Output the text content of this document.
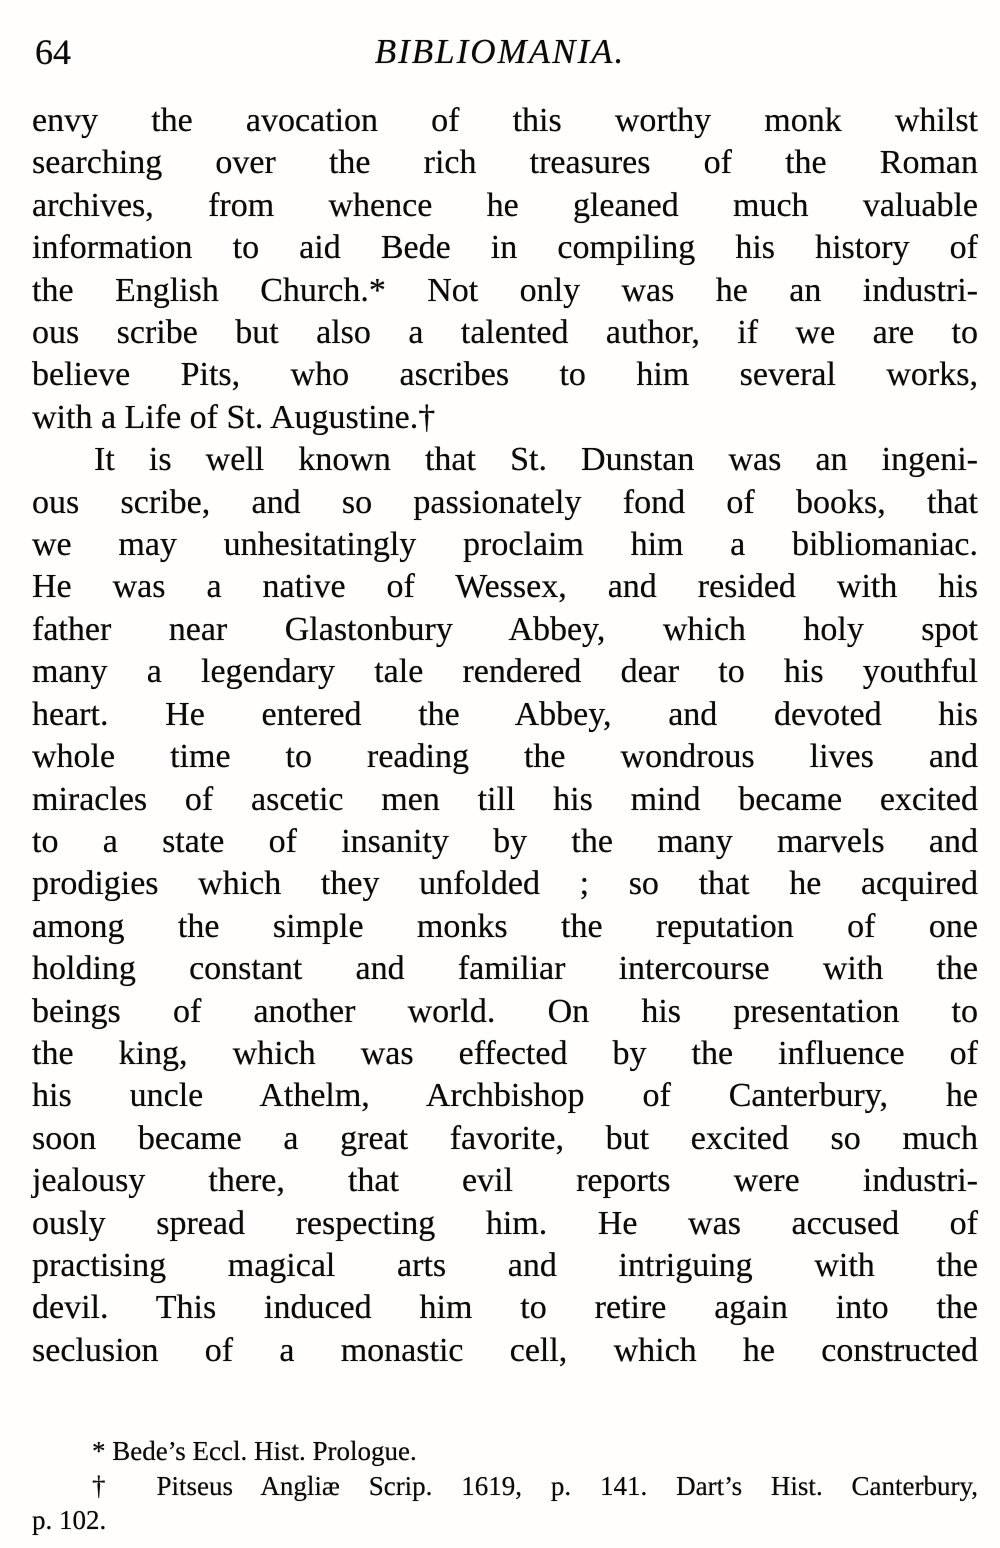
64	BIBLIOMANIA.
envy the avocation of this worthy monk whilst
searching over the rich treasures of the Roman
archives, from whence he gleaned much valuable
information to aid Bede in compiling his history of
the English Church.* Not only was he an industri-
ous scribe but also a talented author, if we are to
believe Pits, who ascribes to him several works,
with a Life of St. Augustine.†
It is well known that St. Dunstan was an ingeni-
ous scribe, and so passionately fond of books, that
we may unhesitatingly proclaim him a bibliomaniac.
He was a native of Wessex, and resided with his
father near Glastonbury Abbey, which holy spot
many a legendary tale rendered dear to his youthful
heart. He entered the Abbey, and devoted his
whole time to reading the wondrous lives and
miracles of ascetic men till his mind became excited
to a state of insanity by the many marvels and
prodigies which they unfolded ; so that he acquired
among the simple monks the reputation of one
holding constant and familiar intercourse with the
beings of another world. On his presentation to
the king, which was effected by the influence of
his uncle Athelm, Archbishop of Canterbury, he
soon became a great favorite, but excited so much
jealousy there, that evil reports were industri-
ously spread respecting him. He was accused of
practising magical arts and intriguing with the
devil. This induced him to retire again into the
seclusion of a monastic cell, which he constructed
* Bede’s Eccl. Hist. Prologue.
† Pitseus Angliæ Scrip. 1619, p. 141. Dart’s Hist. Canterbury,
p. 102.
